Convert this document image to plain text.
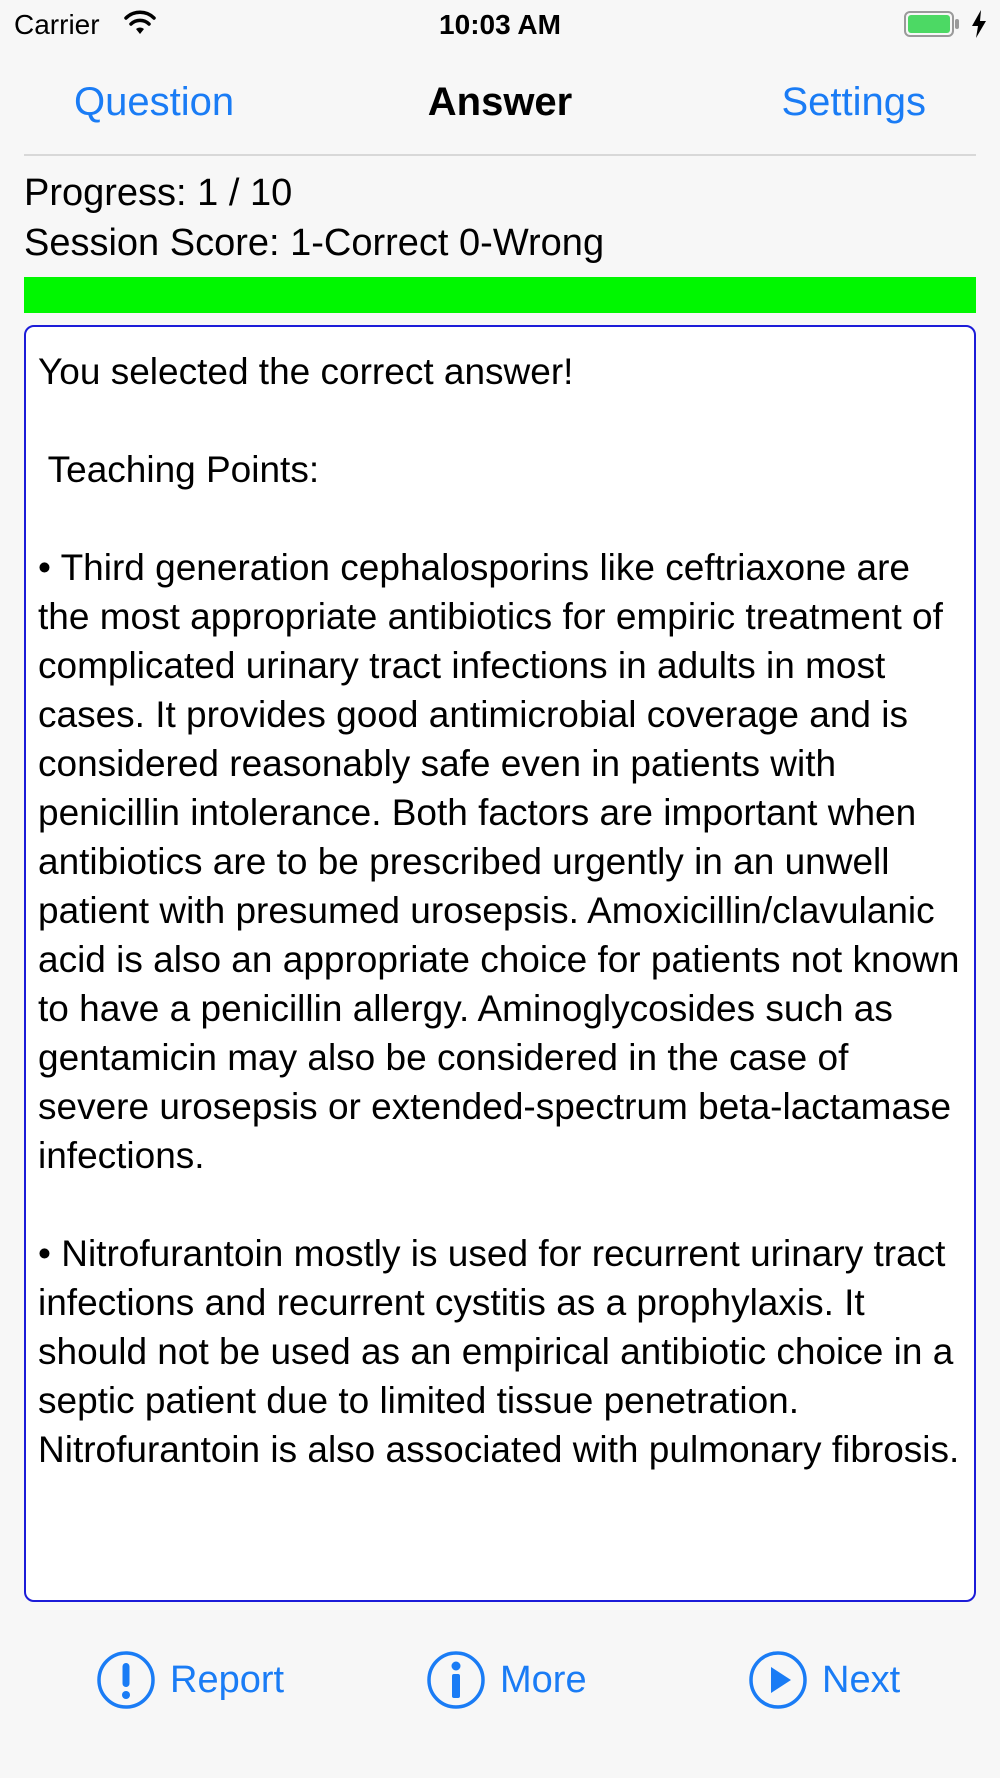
Carrier	10:03 AM
Question	Answer	Settings
Progress: 1 / 10
Session Score: 1-Correct 0-Wrong

You selected the correct answer!

Teaching Points:

• Third generation cephalosporins like ceftriaxone are the most appropriate antibiotics for empiric treatment of complicated urinary tract infections in adults in most cases. It provides good antimicrobial coverage and is considered reasonably safe even in patients with penicillin intolerance. Both factors are important when antibiotics are to be prescribed urgently in an unwell patient with presumed urosepsis. Amoxicillin/clavulanic acid is also an appropriate choice for patients not known to have a penicillin allergy. Aminoglycosides such as gentamicin may also be considered in the case of severe urosepsis or extended-spectrum beta-lactamase infections.

• Nitrofurantoin mostly is used for recurrent urinary tract infections and recurrent cystitis as a prophylaxis. It should not be used as an empirical antibiotic choice in a septic patient due to limited tissue penetration. Nitrofurantoin is also associated with pulmonary fibrosis.

Report	More	Next
